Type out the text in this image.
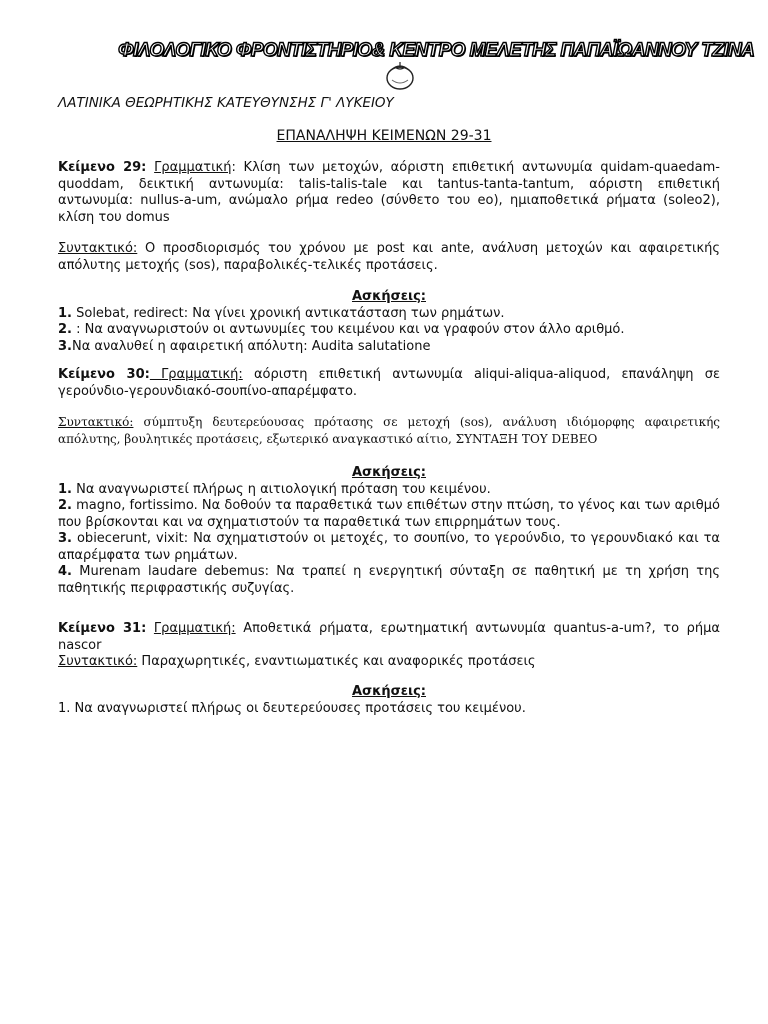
ΦΙΛΟΛΟΓΙΚΟ ΦΡΟΝΤΙΣΤΗΡΙΟ& ΚΕΝΤΡΟ ΜΕΛΕΤΗΣ ΠΑΠΑΪΩΑΝΝΟΥ ΤΖΙΝΑ
ΛΑΤΙΝΙΚΑ ΘΕΩΡΗΤΙΚΗΣ ΚΑΤΕΥΘΥΝΣΗΣ Γ' ΛΥΚΕΙΟΥ
ΕΠΑΝΑΛΗΨΗ ΚΕΙΜΕΝΩΝ 29-31
Κείμενο 29: Γραμματική: Κλίση των μετοχών, αόριστη επιθετική αντωνυμία quidam-quaedam-quoddam, δεικτική αντωνυμία: talis-talis-tale και tantus-tanta-tantum, αόριστη επιθετική αντωνυμία: nullus-a-um, ανώμαλο ρήμα redeo (σύνθετο του eo), ημιαποθετικά ρήματα (soleo2), κλίση του domus
Συντακτικό: Ο προσδιορισμός του χρόνου με post και ante, ανάλυση μετοχών και αφαιρετικής απόλυτης μετοχής (sos), παραβολικές-τελικές προτάσεις.
Ασκήσεις:
1. Solebat, redirect: Να γίνει χρονική αντικατάσταση των ρημάτων.
2. : Να αναγνωριστούν οι αντωνυμίες του κειμένου και να γραφούν στον άλλο αριθμό.
3.Να αναλυθεί η αφαιρετική απόλυτη: Audita salutatione
Κείμενο 30: Γραμματική: αόριστη επιθετική αντωνυμία aliqui-aliqua-aliquod, επανάληψη σε γερούνδιο-γερουνδιακό-σουπίνο-απαρέμφατο.
Συντακτικό: σύμπτυξη δευτερεύουσας πρότασης σε μετοχή (sos), ανάλυση ιδιόμορφης αφαιρετικής απόλυτης, βουλητικές προτάσεις, εξωτερικό αναγκαστικό αίτιο, ΣΥΝΤΑΞΗ ΤΟΥ DEBEO
Ασκήσεις:
1. Να αναγνωριστεί πλήρως η αιτιολογική πρόταση του κειμένου.
2. magno, fortissimo. Να δοθούν τα παραθετικά των επιθέτων στην πτώση, το γένος και των αριθμό που βρίσκονται και να σχηματιστούν τα παραθετικά των επιρρημάτων τους.
3. obiecerunt, vixit: Να σχηματιστούν οι μετοχές, το σουπίνο, το γερούνδιο, το γερουνδιακό και τα απαρέμφατα των ρημάτων.
4. Murenam laudare debemus: Να τραπεί η ενεργητική σύνταξη σε παθητική με τη χρήση της παθητικής περιφραστικής συζυγίας.
Κείμενο 31: Γραμματική: Αποθετικά ρήματα, ερωτηματική αντωνυμία quantus-a-um?, το ρήμα nascor
Συντακτικό: Παραχωρητικές, εναντιωματικές και αναφορικές προτάσεις
Ασκήσεις:
1. Να αναγνωριστεί πλήρως οι δευτερεύουσες προτάσεις του κειμένου.
